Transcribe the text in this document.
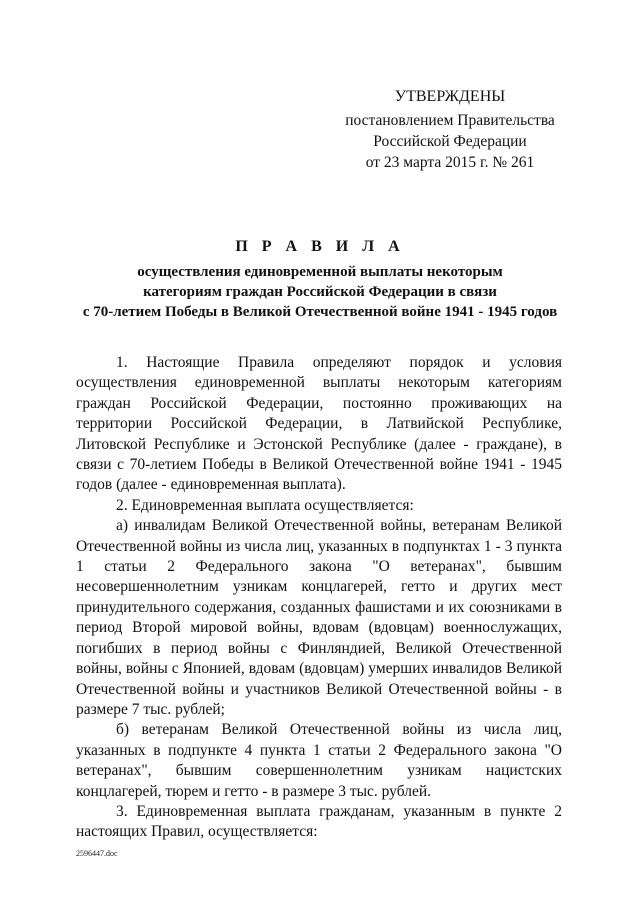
УТВЕРЖДЕНЫ
постановлением Правительства
Российской Федерации
от 23 марта 2015 г. № 261
П Р А В И Л А
осуществления единовременной выплаты некоторым
категориям граждан Российской Федерации в связи
с 70-летием Победы в Великой Отечественной войне 1941 - 1945 годов

1. Настоящие Правила определяют порядок и условия осуществления единовременной выплаты некоторым категориям граждан Российской Федерации, постоянно проживающих на территории Российской Федерации, в Латвийской Республике, Литовской Республике и Эстонской Республике (далее - граждане), в связи с 70-летием Победы в Великой Отечественной войне 1941 - 1945 годов (далее - единовременная выплата).

2. Единовременная выплата осуществляется:

а) инвалидам Великой Отечественной войны, ветеранам Великой Отечественной войны из числа лиц, указанных в подпунктах 1 - 3 пункта 1 статьи 2 Федерального закона "О ветеранах", бывшим несовершеннолетним узникам концлагерей, гетто и других мест принудительного содержания, созданных фашистами и их союзниками в период Второй мировой войны, вдовам (вдовцам) военнослужащих, погибших в период войны с Финляндией, Великой Отечественной войны, войны с Японией, вдовам (вдовцам) умерших инвалидов Великой Отечественной войны и участников Великой Отечественной войны - в размере 7 тыс. рублей;

б) ветеранам Великой Отечественной войны из числа лиц, указанных в подпункте 4 пункта 1 статьи 2 Федерального закона "О ветеранах", бывшим совершеннолетним узникам нацистских концлагерей, тюрем и гетто - в размере 3 тыс. рублей.

3. Единовременная выплата гражданам, указанным в пункте 2 настоящих Правил, осуществляется:

2596447.doc
